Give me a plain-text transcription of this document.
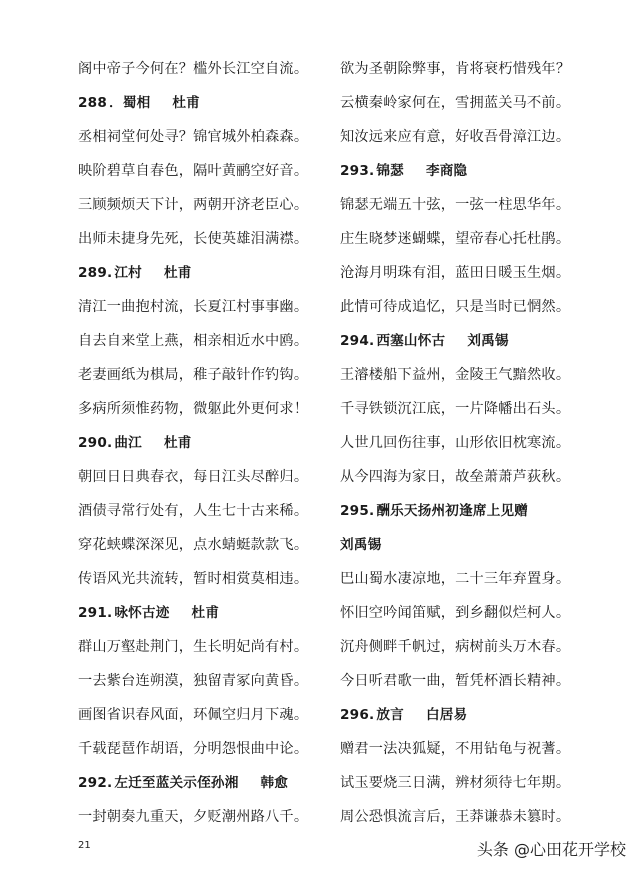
阁中帝子今何在？槛外长江空自流。
288 ．蜀相 杜甫
丞相祠堂何处寻？锦官城外柏森森。
映阶碧草自春色，隔叶黄鹂空好音。
三顾频烦天下计，两朝开济老臣心。
出师未捷身先死，长使英雄泪满襟。
289. 江村 杜甫
清江一曲抱村流，长夏江村事事幽。
自去自来堂上燕，相亲相近水中鸥。
老妻画纸为棋局，稚子敲针作钓钩。
多病所须惟药物，微躯此外更何求！
290. 曲江 杜甫
朝回日日典春衣，每日江头尽醉归。
酒债寻常行处有，人生七十古来稀。
穿花蛱蝶深深见，点水蜻蜓款款飞。
传语风光共流转，暂时相赏莫相违。
291. 咏怀古迹 杜甫
群山万壑赴荆门，生长明妃尚有村。
一去紫台连朔漠，独留青冢向黄昏。
画图省识春风面，环佩空归月下魂。
千载琵琶作胡语，分明怨恨曲中论。
292. 左迁至蓝关示侄孙湘 韩愈
一封朝奏九重天，夕贬潮州路八千。
欲为圣朝除弊事，肯将衰朽惜残年？
云横秦岭家何在，雪拥蓝关马不前。
知汝远来应有意，好收吾骨漳江边。
293. 锦瑟 李商隐
锦瑟无端五十弦，一弦一柱思华年。
庄生晓梦迷蝴蝶，望帝春心托杜鹃。
沧海月明珠有泪，蓝田日暖玉生烟。
此情可待成追忆，只是当时已惘然。
294. 西塞山怀古 刘禹锡
王濬楼船下益州，金陵王气黯然收。
千寻铁锁沉江底，一片降幡出石头。
人世几回伤往事，山形依旧枕寒流。
从今四海为家日，故垒萧萧芦荻秋。
295. 酬乐天扬州初逢席上见赠
刘禹锡
巴山蜀水凄凉地，二十三年弃置身。
怀旧空吟闻笛赋，到乡翻似烂柯人。
沉舟侧畔千帆过，病树前头万木春。
今日听君歌一曲，暂凭杯酒长精神。
296. 放言 白居易
赠君一法决狐疑，不用钻龟与祝蓍。
试玉要烧三日满，辨材须待七年期。
周公恐惧流言后，王莽谦恭未篡时。
21	头条 @心田花开学校
